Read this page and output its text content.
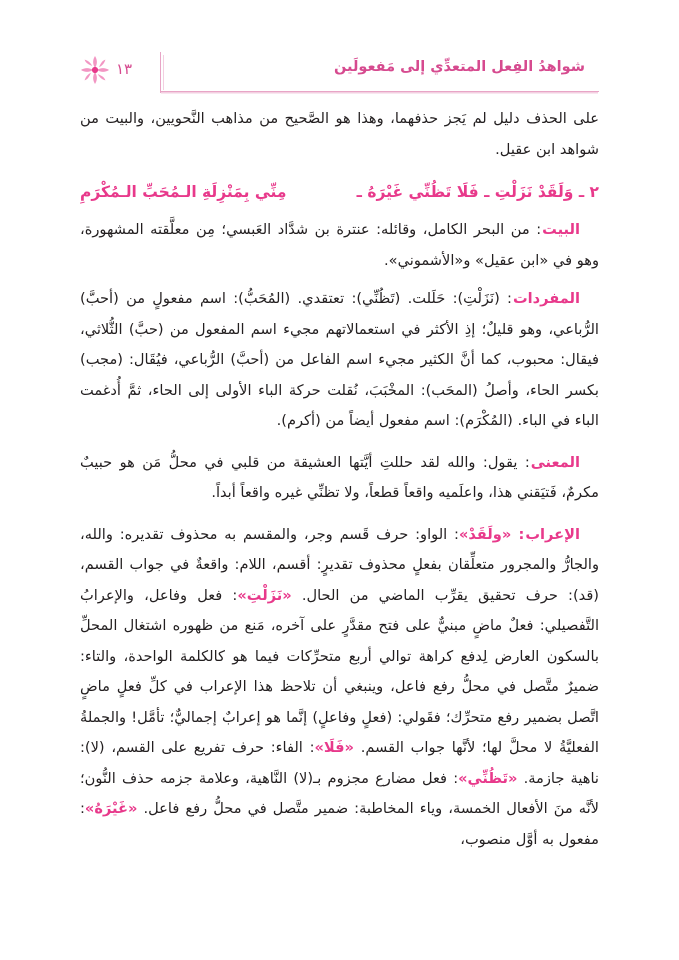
شواهدُ الفِعل المتعدِّي إلى مَفعولَين
١٣

على الحذف دليل لم يَجز حذفهما، وهذا هو الصَّحيح من مذاهب النَّحويين، والبيت من شواهد ابن عقيل.

٢ ـ وَلَقَدْ نَزَلْتِ ـ فَلَا تَظُنِّي غَيْرَهُ ـ
مِنِّي بِمَنْزِلَةِ الـمُحَبِّ الـمُكْرَمِ

البيت: من البحر الكامل، وقائله: عنترة بن شدَّاد العَبسي؛ مِن معلَّقته المشهورة، وهو في «ابن عقيل» و«الأشموني».

المفردات: (نَزَلْتِ): حَلَلت. (تَظُنِّي): تعتقدي. (المُحَبُّ): اسم مفعولٍ من (أحبَّ) الرُّباعي، وهو قليلٌ؛ إذِ الأكثر في استعمالاتهم مجيء اسم المفعول من (حبَّ) الثُّلاثي، فيقال: محبوب، كما أنَّ الكثير مجيء اسم الفاعل من (أحبَّ) الرُّباعي، فيُقَال: (مجب) بكسر الحاء، وأصلُ (المحَب): المخْبَبَ، نُقلت حركة الباء الأولى إلى الحاء، ثمَّ أُدغمت الباء في الباء. (المُكْرَم): اسم مفعول أيضاً من (أكرم).

المعنى: يقول: والله لقد حللتِ أيَّتها العشيقة من قلبي في محلُّ مَن هو حبيبٌ مكرمٌ، فَتيَقني هذا، واعلَميه واقعاً قطعاً، ولا تظنِّي غيره واقعاً أبداً.

الإعراب: «ولَقَدْ»: الواو: حرف قَسم وجر، والمقسم به محذوف تقديره: والله، والجارُّ والمجرور متعلِّقان بفعلٍ محذوف تقديرٍ: أقسم، اللام: واقعةٌ في جواب القسم، (قد): حرف تحقيق يقرِّب الماضي من الحال. «نَزَلْتِ»: فعل وفاعل، والإعرابُ التَّفصيلي: فعلٌ ماضٍ مبنيٌّ على فتح مقدَّرٍ على آخره، مَنع من ظهوره اشتغال المحلِّ بالسكون العارض لِدفع كراهة توالي أربع متحرِّكات فيما هو كالكلمة الواحدة، والتاء: ضميرٌ متَّصل في محلُّ رفع فاعل، وينبغي أن تلاحظ هذا الإعراب في كلِّ فعلٍ ماضٍ اتَّصل بضمير رفع متحرِّك؛ فقَولي: (فعلٍ وفاعلٍ) إنَّما هو إعرابٌ إجماليٌّ؛ تأمَّل! والجملةُ الفعليَّةُ لا محلَّ لها؛ لأنَّها جواب القسم. «فَلَا»: الفاء: حرف تفريع على القسم، (لا): ناهية جازمة. «تَظُنِّي»: فعل مضارع مجزوم بـ(لا) النَّاهية، وعلامة جزمه حذف النُّون؛ لأنَّه منَ الأفعال الخمسة، وياء المخاطبة: ضمير متَّصل في محلُّ رفع فاعل. «غَيْرَهُ»: مفعول به أوَّل منصوب،
